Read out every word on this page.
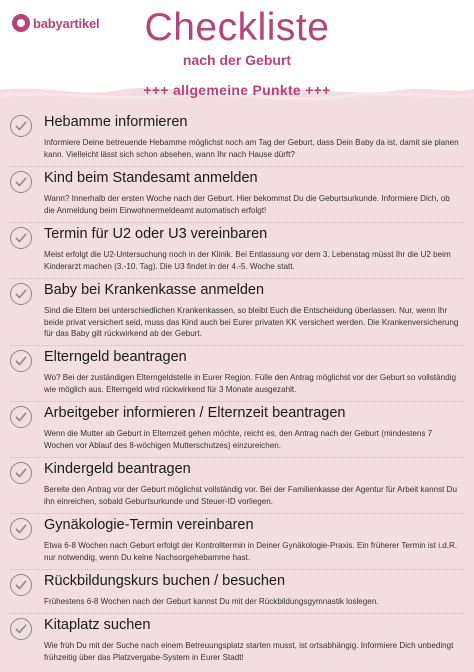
babyartikel	Checkliste
nach der Geburt
+++ allgemeine Punkte +++
Hebamme informieren
Informiere Deine betreuende Hebamme möglichst noch am Tag der Geburt, dass Dein Baby da ist, damit sie planen kann. Vielleicht lässt sich schon absehen, wann Ihr nach Hause dürft?
Kind beim Standesamt anmelden
Wann? Innerhalb der ersten Woche nach der Geburt. Hier bekommst Du die Geburtsurkunde. Informiere Dich, ob die Anmeldung beim Einwohnermeldeamt automatisch erfolgt!
Termin für U2 oder U3 vereinbaren
Meist erfolgt die U2-Untersuchung noch in der Klinik. Bei Entlassung vor dem 3. Lebenstag müsst Ihr die U2 beim Kinderarzt machen (3.-10. Tag). Die U3 findet in der 4.-5. Woche statt.
Baby bei Krankenkasse anmelden
Sind die Eltern bei unterschiedlichen Krankenkassen, so bleibt Euch die Entscheidung überlassen. Nur, wenn Ihr beide privat versichert seid, muss das Kind auch bei Eurer privaten KK versichert werden. Die Krankenversicherung für das Baby gilt rückwirkend ab der Geburt.
Elterngeld beantragen
Wo? Bei der zuständigen Elterngeldstelle in Eurer Region. Fülle den Antrag möglichst vor der Geburt so vollständig wie möglich aus. Elterngeld wird rückwirkend für 3 Monate ausgezahlt.
Arbeitgeber informieren / Elternzeit beantragen
Wenn die Mutter ab Geburt in Elternzeit gehen möchte, reicht es, den Antrag nach der Geburt (mindestens 7 Wochen vor Ablauf des 8-wöchigen Mutterschutzes) einzureichen.
Kindergeld beantragen
Bereite den Antrag vor der Geburt möglichst vollständig vor. Bei der Familienkasse der Agentur für Arbeit kannst Du ihn einreichen, sobald Geburtsurkunde und Steuer-ID vorliegen.
Gynäkologie-Termin vereinbaren
Etwa 6-8 Wochen nach Geburt erfolgt der Kontrolltermin in Deiner Gynäkologie-Praxis. Ein früherer Termin ist i.d.R. nur notwendig, wenn Du keine Nachsorgehebamme hast.
Rückbildungskurs buchen / besuchen
Frühestens 6-8 Wochen nach der Geburt kannst Du mit der Rückbildungsgymnastik loslegen.
Kitaplatz suchen
Wie früh Du mit der Suche nach einem Betreuungsplatz starten musst, ist ortsabhängig. Informiere Dich unbedingt frühzeitig über das Platzvergabe-System in Eurer Stadt!
